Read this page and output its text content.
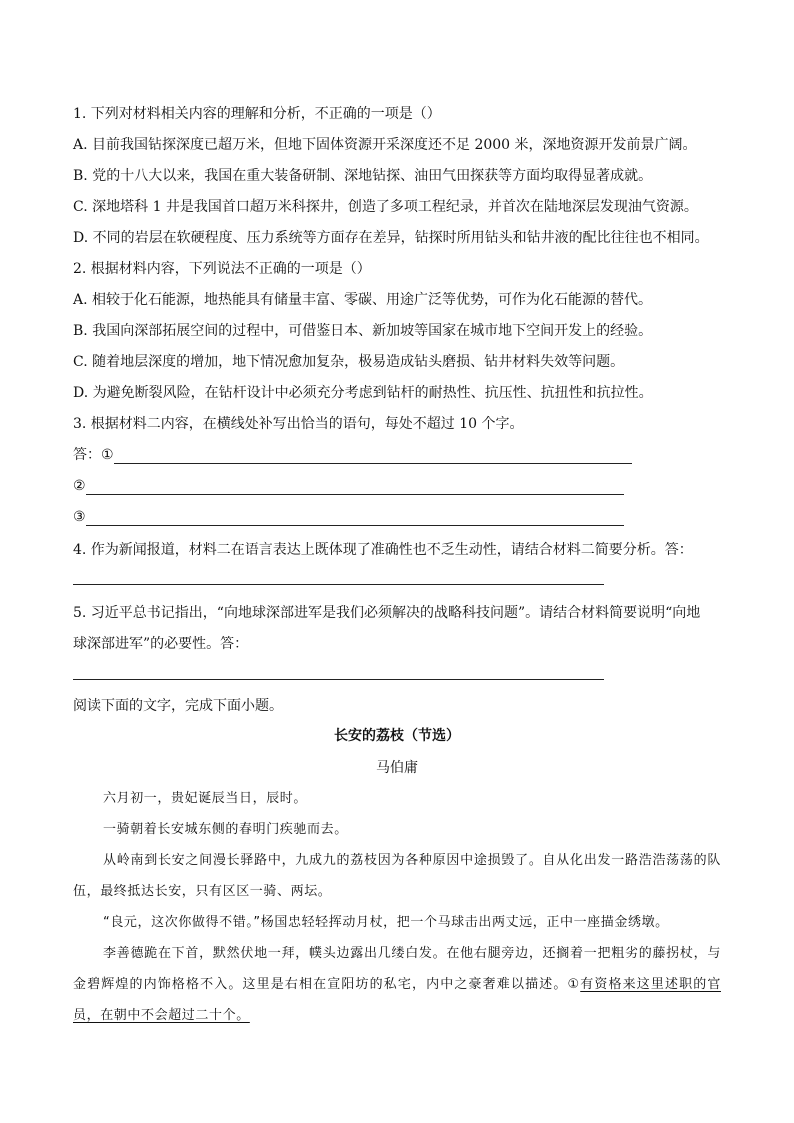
1. 下列对材料相关内容的理解和分析，不正确的一项是（）
A. 目前我国钻探深度已超万米，但地下固体资源开采深度还不足 2000 米，深地资源开发前景广阔。
B. 党的十八大以来，我国在重大装备研制、深地钻探、油田气田探获等方面均取得显著成就。
C. 深地塔科 1 井是我国首口超万米科探井，创造了多项工程纪录，并首次在陆地深层发现油气资源。
D. 不同的岩层在软硬程度、压力系统等方面存在差异，钻探时所用钻头和钻井液的配比往往也不相同。
2. 根据材料内容，下列说法不正确的一项是（）
A. 相较于化石能源，地热能具有储量丰富、零碳、用途广泛等优势，可作为化石能源的替代。
B. 我国向深部拓展空间的过程中，可借鉴日本、新加坡等国家在城市地下空间开发上的经验。
C. 随着地层深度的增加，地下情况愈加复杂，极易造成钻头磨损、钻井材料失效等问题。
D. 为避免断裂风险，在钻杆设计中必须充分考虑到钻杆的耐热性、抗压性、抗扭性和抗拉性。
3. 根据材料二内容，在横线处补写出恰当的语句，每处不超过 10 个字。
答： ①
②
③
4. 作为新闻报道，材料二在语言表达上既体现了准确性也不乏生动性，请结合材料二简要分析。答：
5. 习近平总书记指出，“向地球深部进军是我们必须解决的战略科技问题”。请结合材料简要说明“向地
球深部进军”的必要性。答：
阅读下面的文字，完成下面小题。
长安的荔枝（节选）
马伯庸

六月初一，贵妃诞辰当日，辰时。

一骑朝着长安城东侧的春明门疾驰而去。

从岭南到长安之间漫长驿路中，九成九的荔枝因为各种原因中途损毁了。自从化出发一路浩浩荡荡的队伍，最终抵达长安，只有区区一骑、两坛。

“良元，这次你做得不错。”杨国忠轻轻挥动月杖，把一个马球击出两丈远，正中一座描金绣墩。

李善德跪在下首，默然伏地一拜，幞头边露出几缕白发。在他右腿旁边，还搁着一把粗劣的藤拐杖，与金碧辉煌的内饰格格不入。这里是右相在宣阳坊的私宅，内中之豪奢难以描述。①有资格来这里述职的官员，在朝中不会超过二十个。
